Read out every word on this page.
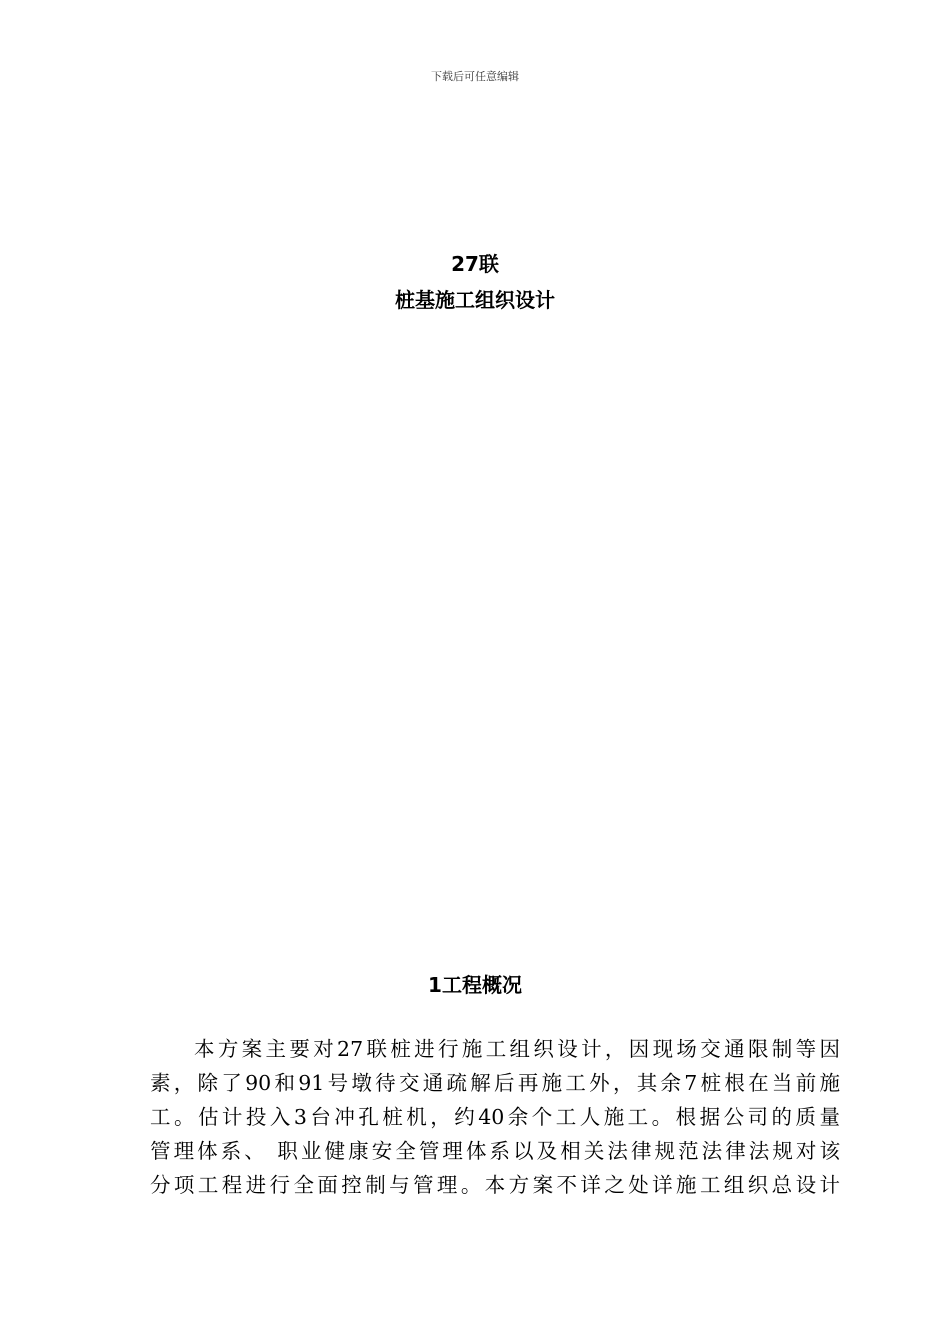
下载后可任意编辑
27联
桩基施工组织设计
1工程概况
本方案主要对27联桩进行施工组织设计，因现场交通限制等因
素，除了90和91号墩待交通疏解后再施工外，其余7桩根在当前施
工。估计投入3台冲孔桩机，约40余个工人施工。根据公司的质量
管理体系、 职业健康安全管理体系以及相关法律规范法律法规对该
分项工程进行全面控制与管理。本方案不详之处详施工组织总设计
